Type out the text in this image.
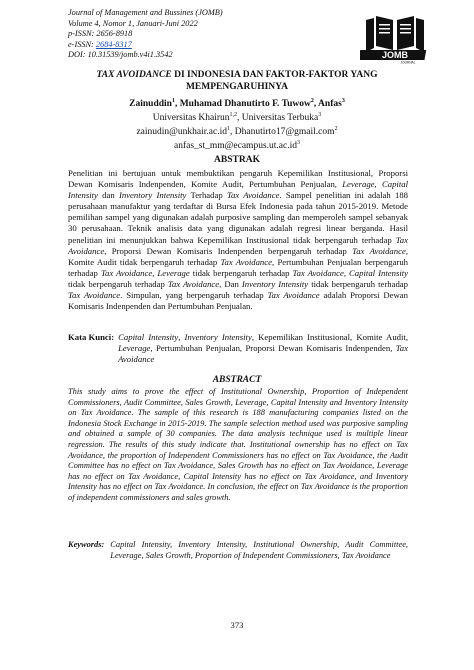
Journal of Management and Bussines (JOMB)
Volume 4, Nomor 1, Januari-Juni 2022
p-ISSN: 2656-8918
e-ISSN: 2684-8317
DOI: 10.31539/jomb.v4i1.3542	JOMB
JOURNAL
TAX AVOIDANCE DI INDONESIA DAN FAKTOR-FAKTOR YANG
MEMPENGARUHINYA
Zainuddin$^1$, Muhamad Dhanutirto F. Tuwow$^2$, Anfas$^3$
Universitas Khairun$^{1,2}$, Universitas Terbuka$^3$
$zainudin@unkhair.ac.id^1$, Dhanutirto17@gmail.com$^2$
$anfas\_st\_mm@ecampus.ut.ac.id^3$
ABSTRAK
Penelitian ini bertujuan untuk membuktikan pengaruh Kepemilikan Institusional, Proporsi Dewan Komisaris Indenpenden, Komite Audit, Pertumbuhan Penjualan, Leverage, Capital Intensity dan Inventory Intensity Terhadap Tax Avoidance. Sampel penelitian ini adalah 188 perusahaan manufaktur yang terdaftar di Bursa Efek Indonesia pada tahun 2015-2019. Metode pemilihan sampel yang digunakan adalah purposive sampling dan memperoleh sampel sebanyak 30 perusahaan. Teknik analisis data yang digunakan adalah regresi linear berganda. Hasil penelitian ini menunjukkan bahwa Kepemilikan Institusional tidak berpengaruh terhadap Tax Avoidance, Proporsi Dewan Komisaris Indenpenden berpengaruh terhadap Tax Avoidance, Komite Audit tidak berpengaruh terhadap Tax Avoidance, Pertumbuhan Penjualan berpengaruh terhadap Tax Avoidance, Leverage tidak berpengaruh terhadap Tax Avoidance, Capital Intensity tidak berpengaruh terhadap Tax Avoidance, Dan Inventory Intensity tidak berpengaruh terhadap Tax Avoidance. Simpulan, yang berpengaruh terhadap Tax Avoidance adalah Proporsi Dewan Komisaris Indenpenden dan Pertumbuhan Penjualan.
Kata Kunci: Capital Intensity, Inventory Intensity, Kepemilikan Institusional, Komite Audit, Leverage, Pertumbuhan Penjualan, Proporsi Dewan Komisaris Indenpenden, Tax Avoidance
ABSTRACT
This study aims to prove the effect of Institutional Ownership, Proportion of Independent Commissioners, Audit Committee, Sales Growth, Leverage, Capital Intensity and Inventory Intensity on Tax Avoidance. The sample of this research is 188 manufacturing companies listed on the Indonesia Stock Exchange in 2015-2019. The sample selection method used was purposive sampling and obtained a sample of 30 companies. The data analysis technique used is multiple linear regression. The results of this study indicate that. Institutional ownership has no effect on Tax Avoidance, the proportion of Independent Commissioners has no effect on Tax Avoidance, the Audit Committee has no effect on Tax Avoidance, Sales Growth has no effect on Tax Avoidance, Leverage has no effect on Tax Avoidance, Capital Intensity has no effect on Tax Avoidance, and Inventory Intensity has no effect on Tax Avoidance. In conclusion, the effect on Tax Avoidance is the proportion of independent commissioners and sales growth.
Keywords: Capital Intensity, Inventory Intensity, Institutional Ownership, Audit Committee, Leverage, Sales Growth, Proportion of Independent Commissioners, Tax Avoidance
373
